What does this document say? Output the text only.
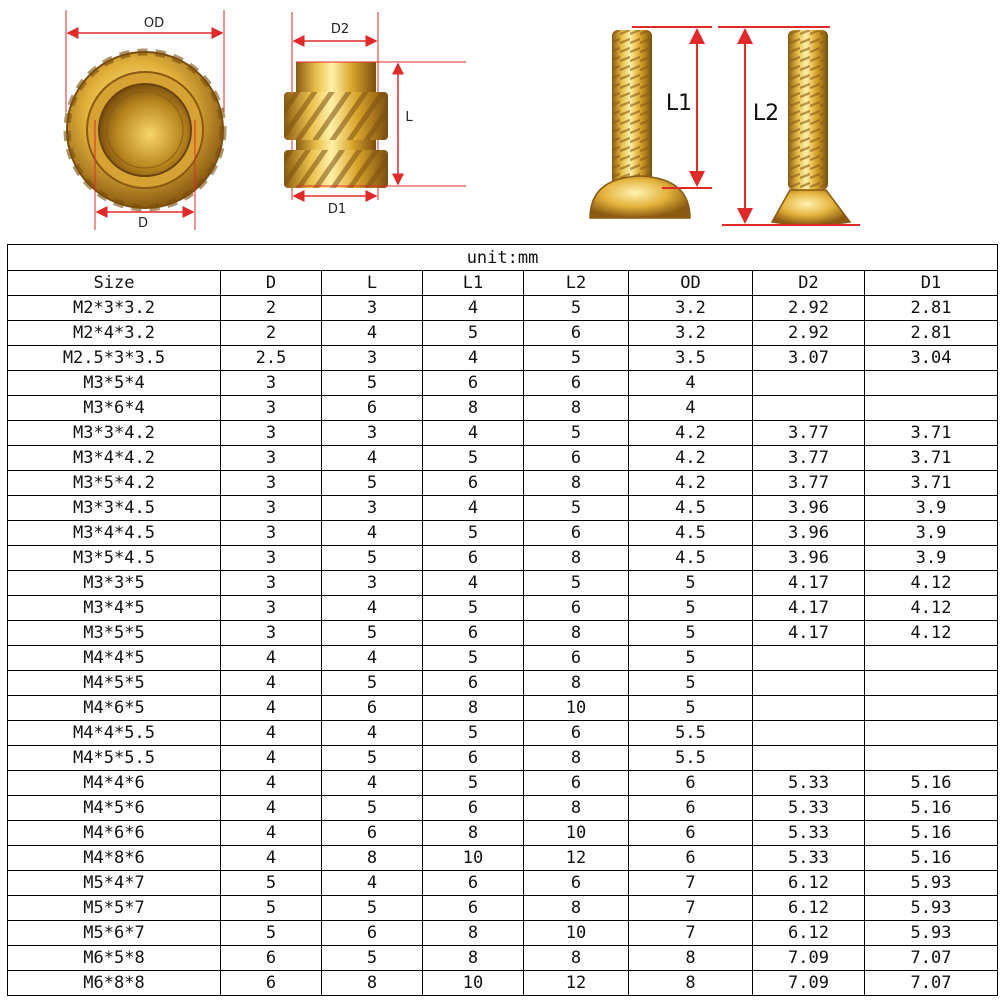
OD
D
D2
L
D1
L1	L2
unit:mm							
Size	D	L	L1	L2	OD	D2	D1
M2*3*3.2	2	3	4	5	3.2	2.92	2.81
M2*4*3.2	2	4	5	6	3.2	2.92	2.81
M2.5*3*3.5	2.5	3	4	5	3.5	3.07	3.04
M3*5*4	3	5	6	6	4		
M3*6*4	3	6	8	8	4		
M3*3*4.2	3	3	4	5	4.2	3.77	3.71
M3*4*4.2	3	4	5	6	4.2	3.77	3.71
M3*5*4.2	3	5	6	8	4.2	3.77	3.71
M3*3*4.5	3	3	4	5	4.5	3.96	3.9
M3*4*4.5	3	4	5	6	4.5	3.96	3.9
M3*5*4.5	3	5	6	8	4.5	3.96	3.9
M3*3*5	3	3	4	5	5	4.17	4.12
M3*4*5	3	4	5	6	5	4.17	4.12
M3*5*5	3	5	6	8	5	4.17	4.12
M4*4*5	4	4	5	6	5		
M4*5*5	4	5	6	8	5		
M4*6*5	4	6	8	10	5		
M4*4*5.5	4	4	5	6	5.5		
M4*5*5.5	4	5	6	8	5.5		
M4*4*6	4	4	5	6	6	5.33	5.16
M4*5*6	4	5	6	8	6	5.33	5.16
M4*6*6	4	6	8	10	6	5.33	5.16
M4*8*6	4	8	10	12	6	5.33	5.16
M5*4*7	5	4	6	6	7	6.12	5.93
M5*5*7	5	5	6	8	7	6.12	5.93
M5*6*7	5	6	8	10	7	6.12	5.93
M6*5*8	6	5	8	8	8	7.09	7.07
M6*8*8	6	8	10	12	8	7.09	7.07
